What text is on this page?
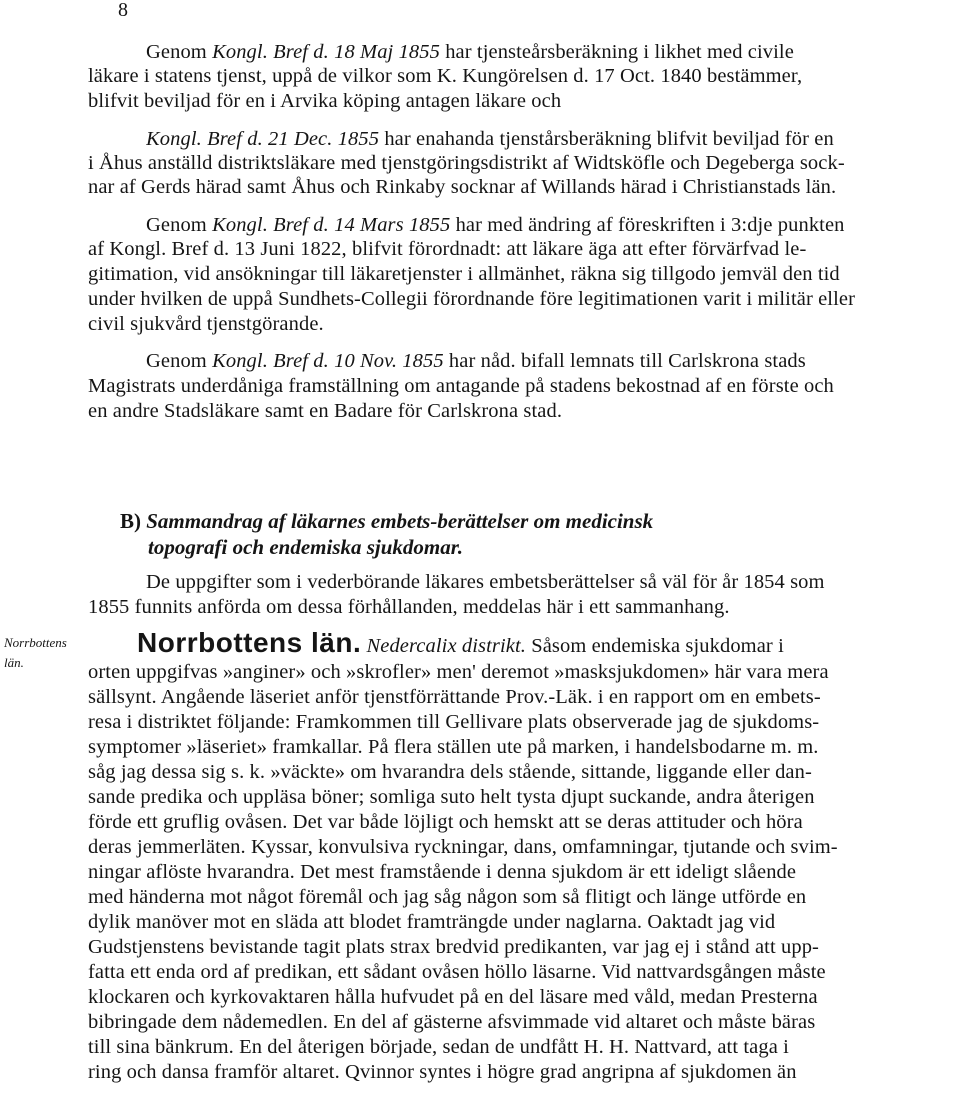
8
Genom Kongl. Bref d. 18 Maj 1855 har tjensteårsberäkning i likhet med civile
läkare i statens tjenst, uppå de vilkor som K. Kungörelsen d. 17 Oct. 1840 bestämmer,
blifvit beviljad för en i Arvika köping antagen läkare och
Kongl. Bref d. 21 Dec. 1855 har enahanda tjenstårsberäkning blifvit beviljad för en
i Åhus anställd distriktsläkare med tjenstgöringsdistrikt af Widtsköfle och Degeberga sock-
nar af Gerds härad samt Åhus och Rinkaby socknar af Willands härad i Christianstads län.
Genom Kongl. Bref d. 14 Mars 1855 har med ändring af föreskriften i 3:dje punkten
af Kongl. Bref d. 13 Juni 1822, blifvit förordnadt: att läkare äga att efter förvärfvad le-
gitimation, vid ansökningar till läkaretjenster i allmänhet, räkna sig tillgodo jemväl den tid
under hvilken de uppå Sundhets-Collegii förordnande före legitimationen varit i militär eller
civil sjukvård tjenstgörande.
Genom Kongl. Bref d. 10 Nov. 1855 har nåd. bifall lemnats till Carlskrona stads
Magistrats underdåniga framställning om antagande på stadens bekostnad af en förste och
en andre Stadsläkare samt en Badare för Carlskrona stad.
B) Sammandrag af läkarnes embets-berättelser om medicinsk
topografi och endemiska sjukdomar.
De uppgifter som i vederbörande läkares embetsberättelser så väl för år 1854 som
1855 funnits anförda om dessa förhållanden, meddelas här i ett sammanhang.
Norrbottens
län.
Norrbottens län. Nedercalix distrikt. Såsom endemiska sjukdomar i
orten uppgifvas »anginer» och »skrofler» men' deremot »masksjukdomen» här vara mera
sällsynt. Angående läseriet anför tjenstförrättande Prov.-Läk. i en rapport om en embets-
resa i distriktet följande: Framkommen till Gellivare plats observerade jag de sjukdoms-
symptomer »läseriet» framkallar. På flera ställen ute på marken, i handelsbodarne m. m.
såg jag dessa sig s. k. »väckte» om hvarandra dels stående, sittande, liggande eller dan-
sande predika och uppläsa böner; somliga suto helt tysta djupt suckande, andra återigen
förde ett gruflig ovåsen. Det var både löjligt och hemskt att se deras attituder och höra
deras jemmerläten. Kyssar, konvulsiva ryckningar, dans, omfamningar, tjutande och svim-
ningar aflöste hvarandra. Det mest framstående i denna sjukdom är ett ideligt slående
med händerna mot något föremål och jag såg någon som så flitigt och länge utförde en
dylik manöver mot en släda att blodet framträngde under naglarna. Oaktadt jag vid
Gudstjenstens bevistande tagit plats strax bredvid predikanten, var jag ej i stånd att upp-
fatta ett enda ord af predikan, ett sådant ovåsen höllo läsarne. Vid nattvardsgången måste
klockaren och kyrkovaktaren hålla hufvudet på en del läsare med våld, medan Presterna
bibringade dem nådemedlen. En del af gästerne afsvimmade vid altaret och måste bäras
till sina bänkrum. En del återigen började, sedan de undfått H. H. Nattvard, att taga i
ring och dansa framför altaret. Qvinnor syntes i högre grad angripna af sjukdomen än
